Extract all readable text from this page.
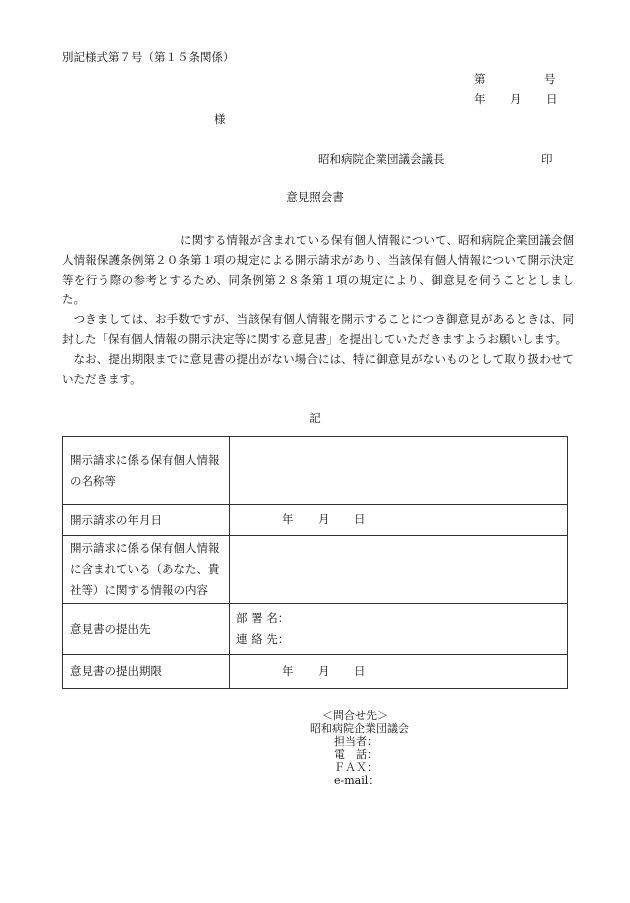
別記様式第７号（第１５条関係）
第	号
年 月 日
様
昭和病院企業団議会議長	印
意見照会書

に関する情報が含まれている保有個人情報について、昭和病院企業団議会個人情報保護条例第２０条第１項の規定による開示請求があり、当該保有個人情報について開示決定等を行う際の参考とするため、同条例第２８条第１項の規定により、御意見を伺うこととしました。

つきましては、お手数ですが、当該保有個人情報を開示することにつき御意見があるときは、同封した「保有個人情報の開示決定等に関する意見書」を提出していただきますようお願いします。

なお、提出期限までに意見書の提出がない場合には、特に御意見がないものとして取り扱わせていただきます。

記
開示請求に係る保有個人情報の名称等	
開示請求の年月日	年 月 日

開示請求に係る保有個人情報に含まれている（あなた、貴社等）に関する情報の内容	
意見書の提出先	部 署 名：
連 絡 先：

意見書の提出期限	年 月 日
＜問合せ先＞
昭和病院企業団議会
担当者：
電　話：
ＦＡＸ：
e-mail：
